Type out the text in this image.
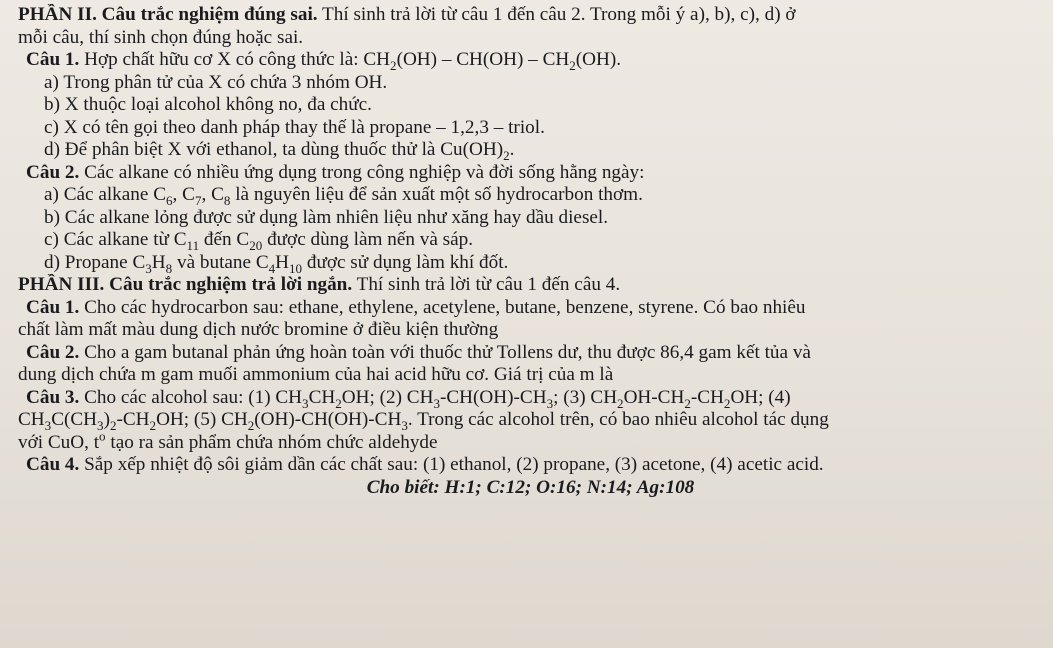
PHẦN II. Câu trắc nghiệm đúng sai. Thí sinh trả lời từ câu 1 đến câu 2. Trong mỗi ý a), b), c), d) ở
mỗi câu, thí sinh chọn đúng hoặc sai.
Câu 1. Hợp chất hữu cơ X có công thức là: $CH_2(OH) - CH(OH) - CH_2(OH)$.
a) Trong phân tử của X có chứa 3 nhóm OH.
b) X thuộc loại alcohol không no, đa chức.
c) X có tên gọi theo danh pháp thay thế là propane – 1,2,3 – triol.
d) Để phân biệt X với ethanol, ta dùng thuốc thử là $Cu(OH)_2$.
Câu 2. Các alkane có nhiều ứng dụng trong công nghiệp và đời sống hằng ngày:
a) Các alkane $C_6$, $C_7$, $C_8$ là nguyên liệu để sản xuất một số hydrocarbon thơm.
b) Các alkane lỏng được sử dụng làm nhiên liệu như xăng hay dầu diesel.
c) Các alkane từ $C_{11}$ đến $C_{20}$ được dùng làm nến và sáp.
d) Propane $C_3H_8$ và butane $C_4H_{10}$ được sử dụng làm khí đốt.
PHẦN III. Câu trắc nghiệm trả lời ngắn. Thí sinh trả lời từ câu 1 đến câu 4.
Câu 1. Cho các hydrocarbon sau: ethane, ethylene, acetylene, butane, benzene, styrene. Có bao nhiêu
chất làm mất màu dung dịch nước bromine ở điều kiện thường
Câu 2. Cho a gam butanal phản ứng hoàn toàn với thuốc thử Tollens dư, thu được 86,4 gam kết tủa và
dung dịch chứa m gam muối ammonium của hai acid hữu cơ. Giá trị của m là
Câu 3. Cho các alcohol sau: (1) $CH_3CH_2OH$; (2) $CH_3-CH(OH)-CH_3$; (3) $CH_2OH-CH_2-CH_2OH$; (4)
$CH_3C(CH_3)_2-CH_2OH$; (5) $CH_2(OH)-CH(OH)-CH_3$. Trong các alcohol trên, có bao nhiêu alcohol tác dụng
với CuO, $t^o$ tạo ra sản phẩm chứa nhóm chức aldehyde
Câu 4. Sắp xếp nhiệt độ sôi giảm dần các chất sau: (1) ethanol, (2) propane, (3) acetone, (4) acetic acid.
Cho biết: H:1; C:12; O:16; N:14; Ag:108
